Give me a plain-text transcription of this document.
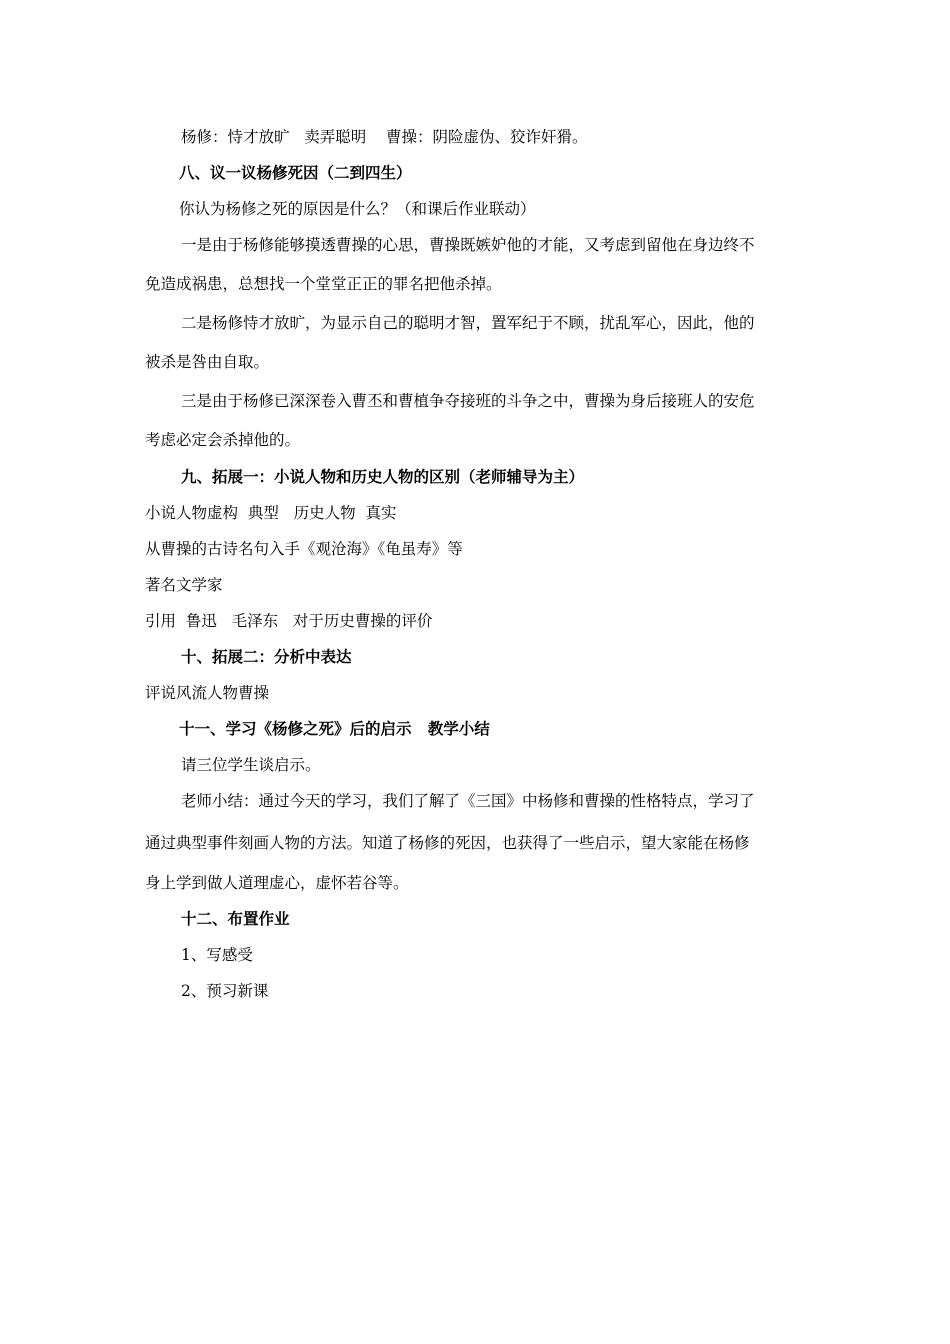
杨修：恃才放旷   卖弄聪明    曹操：阴险虚伪、狡诈奸猾。
八、议一议杨修死因（二到四生）
你认为杨修之死的原因是什么？（和课后作业联动）
一是由于杨修能够摸透曹操的心思，曹操既嫉妒他的才能，又考虑到留他在身边终不
免造成祸患，总想找一个堂堂正正的罪名把他杀掉。
二是杨修恃才放旷，为显示自己的聪明才智，置军纪于不顾，扰乱军心，因此，他的
被杀是咎由自取。
三是由于杨修已深深卷入曹丕和曹植争夺接班的斗争之中，曹操为身后接班人的安危
考虑必定会杀掉他的。
九、拓展一：小说人物和历史人物的区别（老师辅导为主）
小说人物虚构  典型   历史人物  真实
从曹操的古诗名句入手《观沧海》《龟虽寿》等
著名文学家
引用  鲁迅   毛泽东   对于历史曹操的评价
十、拓展二：分析中表达
评说风流人物曹操
十一、学习《杨修之死》后的启示   教学小结
请三位学生谈启示。
老师小结：通过今天的学习，我们了解了《三国》中杨修和曹操的性格特点，学习了
通过典型事件刻画人物的方法。知道了杨修的死因，也获得了一些启示，望大家能在杨修
身上学到做人道理虚心，虚怀若谷等。
十二、布置作业
1、写感受
2、预习新课
